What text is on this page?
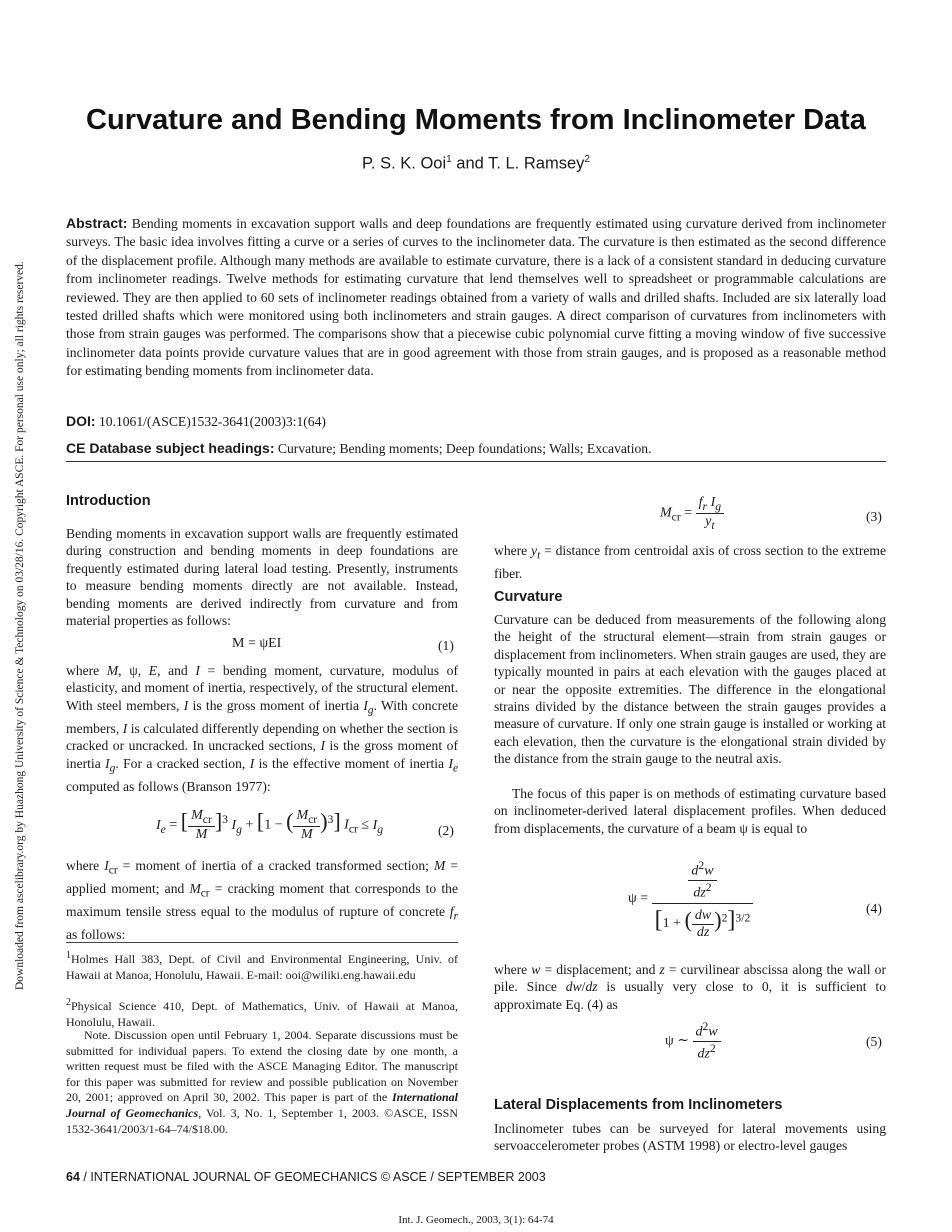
Downloaded from ascelibrary.org by Huazhong University of Science & Technology on 03/28/16. Copyright ASCE. For personal use only; all rights reserved.
Curvature and Bending Moments from Inclinometer Data
P. S. K. Ooi$^1$ and T. L. Ramsey$^2$
Abstract: Bending moments in excavation support walls and deep foundations are frequently estimated using curvature derived from inclinometer surveys. The basic idea involves fitting a curve or a series of curves to the inclinometer data. The curvature is then estimated as the second difference of the displacement profile. Although many methods are available to estimate curvature, there is a lack of a consistent standard in deducing curvature from inclinometer readings. Twelve methods for estimating curvature that lend themselves well to spreadsheet or programmable calculations are reviewed. They are then applied to 60 sets of inclinometer readings obtained from a variety of walls and drilled shafts. Included are six laterally load tested drilled shafts which were monitored using both inclinometers and strain gauges. A direct comparison of curvatures from inclinometers with those from strain gauges was performed. The comparisons show that a piecewise cubic polynomial curve fitting a moving window of five successive inclinometer data points provide curvature values that are in good agreement with those from strain gauges, and is proposed as a reasonable method for estimating bending moments from inclinometer data.
DOI: 10.1061/(ASCE)1532-3641(2003)3:1(64)
CE Database subject headings: Curvature; Bending moments; Deep foundations; Walls; Excavation.
Introduction

Bending moments in excavation support walls are frequently estimated during construction and bending moments in deep foundations are frequently estimated during lateral load testing. Presently, instruments to measure bending moments directly are not available. Instead, bending moments are derived indirectly from curvature and from material properties as follows:

M = ψEI	(1)

where M, ψ, E, and I = bending moment, curvature, modulus of elasticity, and moment of inertia, respectively, of the structural element. With steel members, I is the gross moment of inertia $I_g$. With concrete members, I is calculated differently depending on whether the section is cracked or uncracked. In uncracked sections, I is the gross moment of inertia $I_g$. For a cracked section, I is the effective moment of inertia $I_e$ computed as follows (Branson 1977):

$I_e$ = [ $\frac{M_{cr}}{M} ]^3$ $I_g + [1$ − ( $\frac{M_{cr}}{M} )^3$] $I_{cr} \le I_g$	(2)

where $I_{cr}$ = moment of inertia of a cracked transformed section; M = applied moment; and $M_{cr}$ = cracking moment that corresponds to the maximum tensile stress equal to the modulus of rupture of concrete $f_r$ as follows:

$^1$Holmes Hall 383, Dept. of Civil and Environmental Engineering, Univ. of Hawaii at Manoa, Honolulu, Hawaii. E-mail: ooi@wiliki.eng.hawaii.edu
$^2$Physical Science 410, Dept. of Mathematics, Univ. of Hawaii at Manoa, Honolulu, Hawaii.
Note. Discussion open until February 1, 2004. Separate discussions must be submitted for individual papers. To extend the closing date by one month, a written request must be filed with the ASCE Managing Editor. The manuscript for this paper was submitted for review and possible publication on November 20, 2001; approved on April 30, 2002. This paper is part of the International Journal of Geomechanics, Vol. 3, No. 1, September 1, 2003. ©ASCE, ISSN 1532-3641/2003/1-64–74/$18.00.
$M_{cr} = \frac{f_r I_g}{y_t}$	(3)

where $y_t$ = distance from centroidal axis of cross section to the extreme fiber.

Curvature

Curvature can be deduced from measurements of the following along the height of the structural element—strain from strain gauges or displacement from inclinometers. When strain gauges are used, they are typically mounted in pairs at each elevation with the gauges placed at or near the opposite extremities. The difference in the elongational strains divided by the distance between the strain gauges provides a measure of curvature. If only one strain gauge is installed or working at each elevation, then the curvature is the elongational strain divided by the distance from the strain gauge to the neutral axis.

The focus of this paper is on methods of estimating curvature based on inclinometer-derived lateral displacement profiles. When deduced from displacements, the curvature of a beam ψ is equal to

$\psi = \frac{\frac{d^2w}{dz^2}}{[1 + ( \frac{dw}{dz} )^2]^{3/2}}$	(4)

where w = displacement; and z = curvilinear abscissa along the wall or pile. Since dw/dz is usually very close to 0, it is sufficient to approximate Eq. (4) as

ψ ∼ $\frac{d^2w}{dz^2}$	(5)
Lateral Displacements from Inclinometers

Inclinometer tubes can be surveyed for lateral movements using servoaccelerometer probes (ASTM 1998) or electro-level gauges

64 / INTERNATIONAL JOURNAL OF GEOMECHANICS © ASCE / SEPTEMBER 2003
Int. J. Geomech., 2003, 3(1): 64-74
